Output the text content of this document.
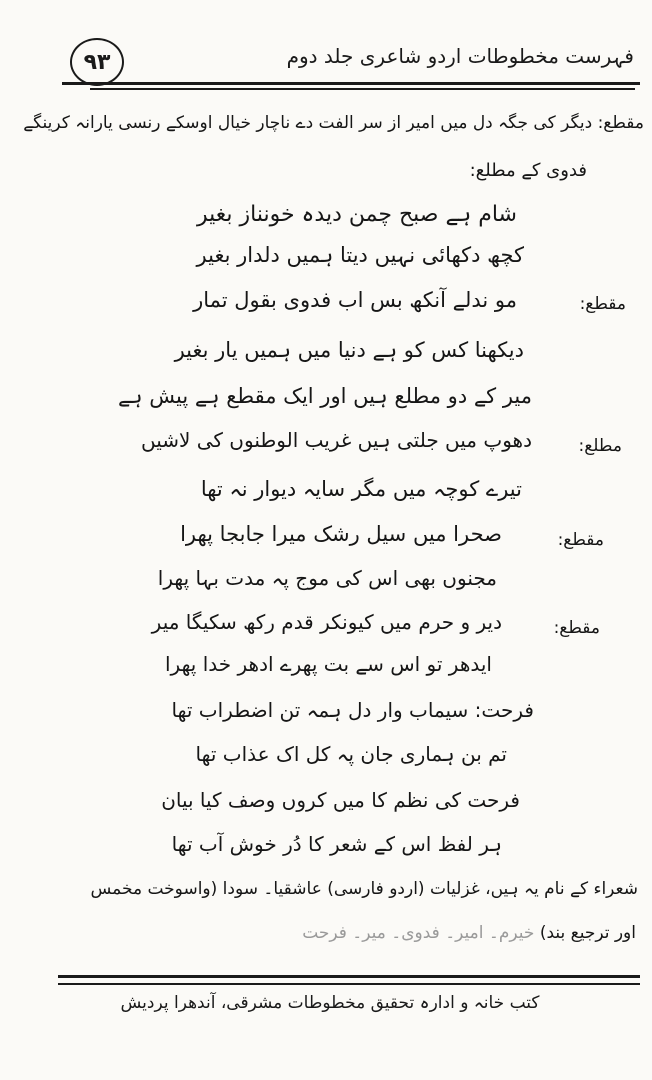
۹۳	فہرست مخطوطات اردو شاعری جلد دوم
مقطع: دیگر کی جگہ دل میں امیر از سر الفت دے ناچار خیال اوسکے رنسی یارانہ کرینگے
فدوی کے مطلع:
شام ہے صبح چمن دیدہ خونناز بغیر
کچھ دکھائی نہیں دیتا ہمیں دلدار بغیر
مقطع:
مو ندلے آنکھ بس اب فدوی بقول تمار
دیکھنا کس کو ہے دنیا میں ہمیں یار بغیر
میر کے دو مطلع ہیں اور ایک مقطع ہے پیش ہے
مطلع:
دھوپ میں جلتی ہیں غریب الوطنوں کی لاشیں
تیرے کوچہ میں مگر سایہ دیوار نہ تھا
مقطع:
صحرا میں سیل رشک میرا جابجا پھرا
مجنوں بھی اس کی موج پہ مدت بہا پھرا
مقطع:
دیر و حرم میں کیونکر قدم رکھ سکیگا میر
ایدھر تو اس سے بت پھرے ادھر خدا پھرا
فرحت: سیماب وار دل ہمہ تن اضطراب تھا
تم بن ہماری جان پہ کل اک عذاب تھا
فرحت کی نظم کا میں کروں وصف کیا بیان
ہر لفظ اس کے شعر کا دُر خوش آب تھا
شعراء کے نام یہ ہیں، غزلیات (اردو فارسی) عاشقیا۔ سودا (واسوخت مخمس
اور ترجیع بند) خیرم۔ امیر۔ فدوی۔ میر۔ فرحت
کتب خانہ و ادارہ تحقیق مخطوطات مشرقی، آندھرا پردیش
